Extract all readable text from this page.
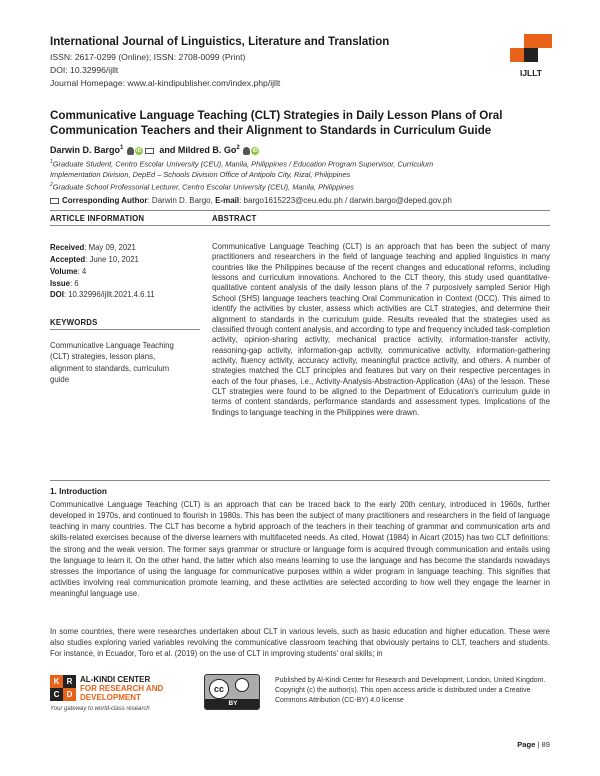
International Journal of Linguistics, Literature and Translation
ISSN: 2617-0299 (Online); ISSN: 2708-0099 (Print)
DOI: 10.32996/ijllt
Journal Homepage: www.al-kindipublisher.com/index.php/ijllt
IJLLT
Communicative Language Teaching (CLT) Strategies in Daily Lesson Plans of Oral
Communication Teachers and their Alignment to Standards in Curriculum Guide
Darwin D. Bargo$^1$ iD and Mildred B. Go$^2$ iD
$^1$Graduate Student, Centro Escolar University (CEU), Manila, Philippines / Education Program Supervisor, Curriculum
Implementation Division, DepEd – Schools Division Office of Antipolo City, Rizal, Philippines
$^2$Graduate School Professorial Lecturer, Centro Escolar University (CEU), Manila, Philippines
Corresponding Author: Darwin D. Bargo, E-mail: bargo1615223@ceu.edu.ph / darwin.bargo@deped.gov.ph
ARTICLE INFORMATION	ABSTRACT
Received: May 09, 2021
Accepted: June 10, 2021
Volume: 4
Issue: 6
DOI: 10.32996/ijllt.2021.4.6.11
KEYWORDS
Communicative Language Teaching (CLT) strategies, lesson plans, alignment to standards, curriculum guide
Communicative Language Teaching (CLT) is an approach that has been the subject of many practitioners and researchers in the field of language teaching and applied linguistics in many countries like the Philippines because of the recent changes and educational reforms, including lessons and curriculum innovations. Anchored to the CLT theory, this study used quantitative-qualitative content analysis of the daily lesson plans of the 7 purposively sampled Senior High School (SHS) language teachers teaching Oral Communication in Context (OCC). This aimed to identify the activities by cluster, assess which activities are CLT strategies, and determine their alignment to standards in the curriculum guide. Results revealed that the strategies used as classified through content analysis, and according to type and frequency included task-completion activity, opinion-sharing activity, mechanical practice activity, information-transfer activity, reasoning-gap activity, information-gap activity, communicative activity, information-gathering activity, fluency activity, accuracy activity, meaningful practice activity, and others. A number of strategies matched the CLT principles and features but vary on their respective percentages in each of the four phases, i.e., Activity-Analysis-Abstraction-Application (4As) of the lesson. These CLT strategies were found to be aligned to the Department of Education's curriculum guide in terms of content standards, performance standards and assessment types. Implications of the findings to language teaching in the Philippines were drawn.
1. Introduction
Communicative Language Teaching (CLT) is an approach that can be traced back to the early 20th century, introduced in 1960s, further developed in 1970s, and continued to flourish in 1980s. This has been the subject of many practitioners and researchers in the field of language teaching in many countries. The CLT has become a hybrid approach of the teachers in their teaching of grammar and communication arts and skills-related exercises because of the diverse learners with multifaceted needs. As cited, Howat (1984) in Aicart (2015) has two CLT definitions: the strong and the weak version. The former says grammar or structure or language form is acquired through communication and entails using the language to learn it. On the other hand, the latter which also means learning to use the language and has become the standards nowadays stresses the importance of using the language for communicative purposes within a wider program in language teaching. This signifies that activities involving real communication promote learning, and these activities are selected according to how well they engage the learner in meaningful language use.
In some countries, there were researches undertaken about CLT in various levels, such as basic education and higher education. These were also studies exploring varied variables revolving the communicative classroom teaching that obviously pertains to CLT, teachers and students. For instance, in Ecuador, Toro et al. (2019) on the use of CLT in improving students' oral skills; in
K R
C D
AL-KINDI CENTER
FOR RESEARCH AND
DEVELOPMENT
Your gateway to world-class research
cc
BY
Published by Al-Kindi Center for Research and Development, London, United Kingdom. Copyright (c) the author(s). This open access article is distributed under a Creative Commons Attribution (CC-BY) 4.0 license
Page | 89
